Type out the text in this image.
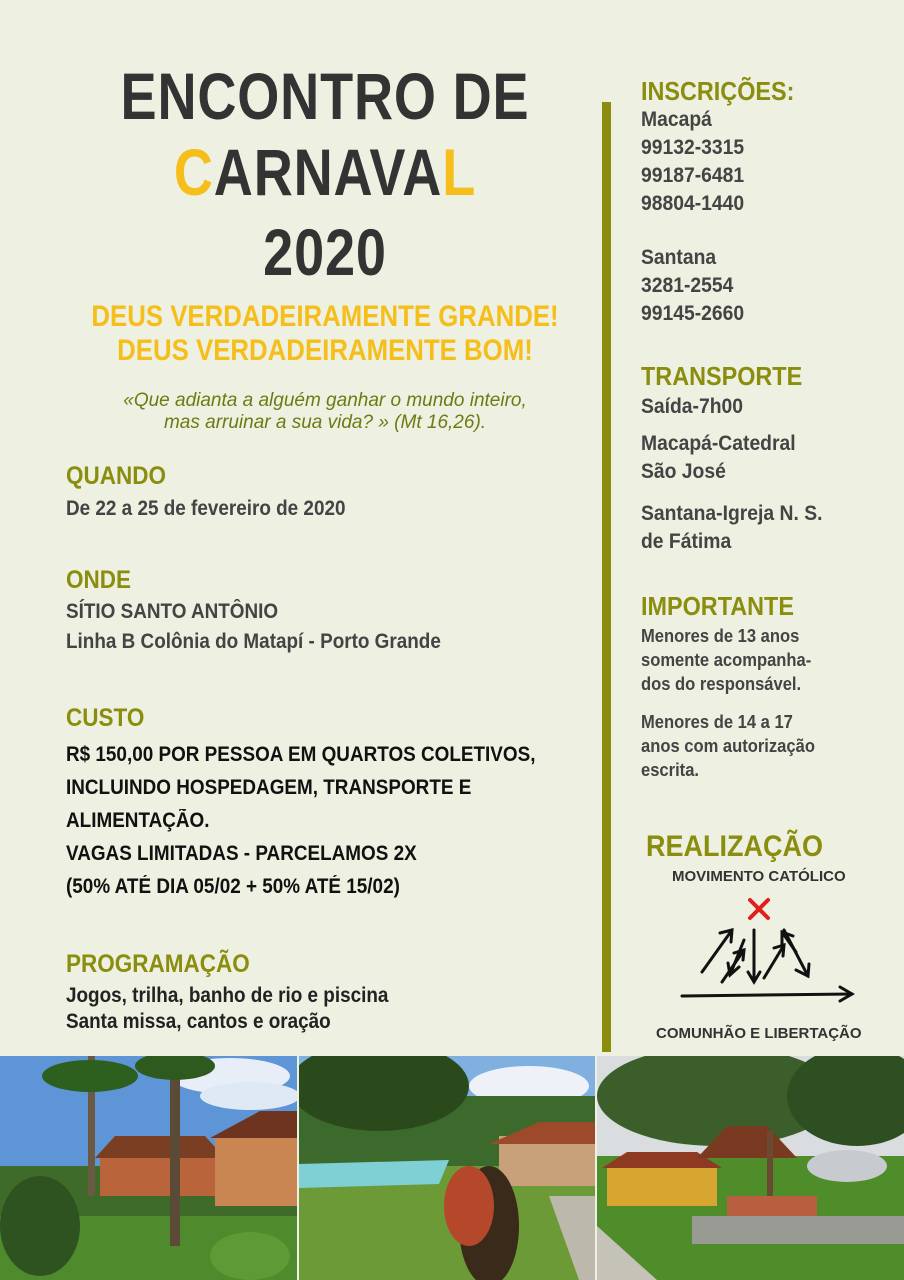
ENCONTRO DE
CARNAVAL
2020
DEUS VERDADEIRAMENTE GRANDE!
DEUS VERDADEIRAMENTE BOM!
«Que adianta a alguém ganhar o mundo inteiro,
mas arruinar a sua vida? » (Mt 16,26).
QUANDO
De 22 a 25 de fevereiro de 2020
ONDE
SÍTIO SANTO ANTÔNIO
Linha B Colônia do Matapí - Porto Grande
CUSTO
R$ 150,00 POR PESSOA EM QUARTOS COLETIVOS,
INCLUINDO HOSPEDAGEM, TRANSPORTE E
ALIMENTAÇÃO.
VAGAS LIMITADAS - PARCELAMOS 2X
(50% ATÉ DIA 05/02 + 50% ATÉ 15/02)
PROGRAMAÇÃO
Jogos, trilha, banho de rio e piscina
Santa missa, cantos e oração
INSCRIÇÕES:
Macapá
99132-3315
99187-6481
98804-1440
Santana
3281-2554
99145-2660
TRANSPORTE
Saída-7h00
Macapá-Catedral
São José
Santana-Igreja N. S.
de Fátima
IMPORTANTE
Menores de 13 anos
somente acompanha-
dos do responsável.
Menores de 14 a 17
anos com autorização
escrita.
REALIZAÇÃO
MOVIMENTO CATÓLICO
COMUNHÃO E LIBERTAÇÃO
